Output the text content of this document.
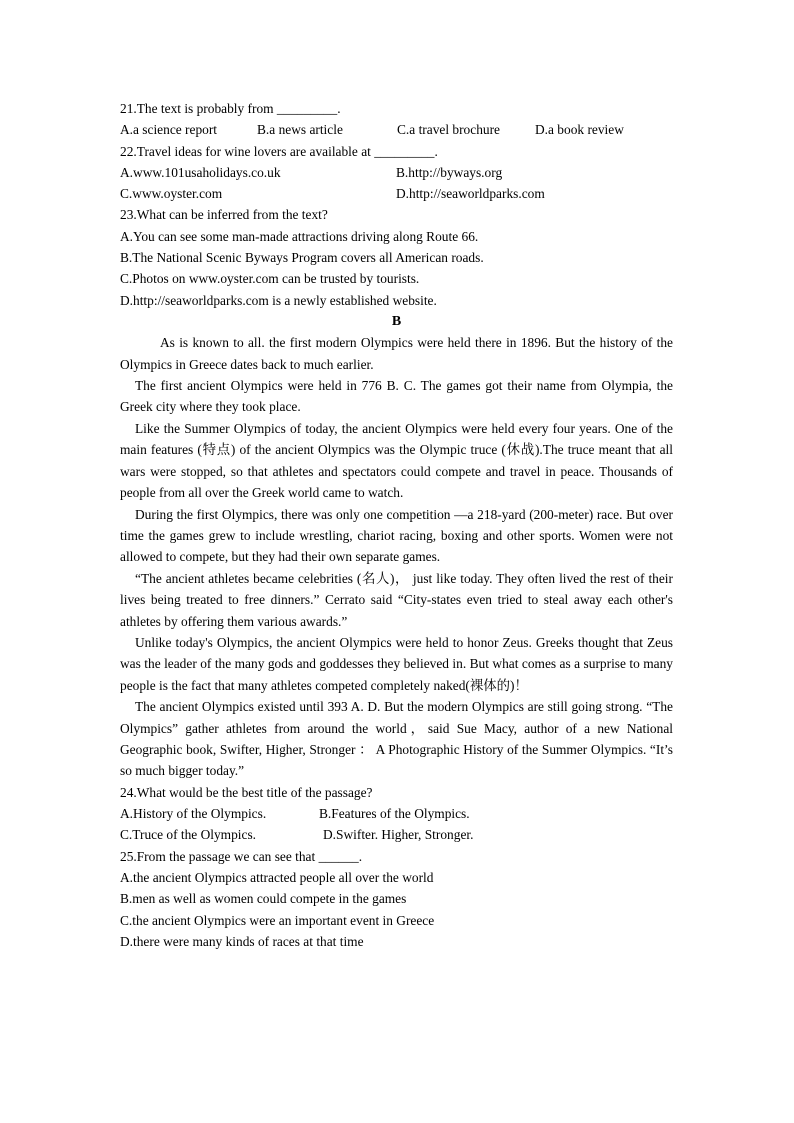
21.The text is probably from _________.
A.a science report	B.a news article	C.a travel brochure	D.a book review
22.Travel ideas for wine lovers are available at _________.
A.www.101usaholidays.co.uk	B.http://byways.org
C.www.oyster.com	D.http://seaworldparks.com
23.What can be inferred from the text?
A.You can see some man-made attractions driving along Route 66.
B.The National Scenic Byways Program covers all American roads.
C.Photos on www.oyster.com can be trusted by tourists.
D.http://seaworldparks.com is a newly established website.
B

As is known to all. the first modern Olympics were held there in 1896. But the history of the Olympics in Greece dates back to much earlier.

The first ancient Olympics were held in 776 B. C. The games got their name from Olympia, the Greek city where they took place.

Like the Summer Olympics of today, the ancient Olympics were held every four years. One of the main features (特点) of the ancient Olympics was the Olympic truce (休战).The truce meant that all wars were stopped, so that athletes and spectators could compete and travel in peace. Thousands of people from all over the Greek world came to watch.

During the first Olympics, there was only one competition —a 218-yard (200-meter) race. But over time the games grew to include wrestling, chariot racing, boxing and other sports. Women were not allowed to compete, but they had their own separate games.

“The ancient athletes became celebrities (名人)， just like today. They often lived the rest of their lives being treated to free dinners.” Cerrato said “City-states even tried to steal away each other's athletes by offering them various awards.”

Unlike today's Olympics, the ancient Olympics were held to honor Zeus. Greeks thought that Zeus was the leader of the many gods and goddesses they believed in. But what comes as a surprise to many people is the fact that many athletes competed completely naked(裸体的)！

The ancient Olympics existed until 393 A. D. But the modern Olympics are still going strong. “The Olympics” gather athletes from around the world，said Sue Macy, author of a new National Geographic book, Swifter, Higher, Stronger ： A Photographic History of the Summer Olympics. “It’s so much bigger today.”

24.What would be the best title of the passage?
A.History of the Olympics.	B.Features of the Olympics.
C.Truce of the Olympics.	D.Swifter. Higher, Stronger.
25.From the passage we can see that ______.
A.the ancient Olympics attracted people all over the world
B.men as well as women could compete in the games
C.the ancient Olympics were an important event in Greece
D.there were many kinds of races at that time
